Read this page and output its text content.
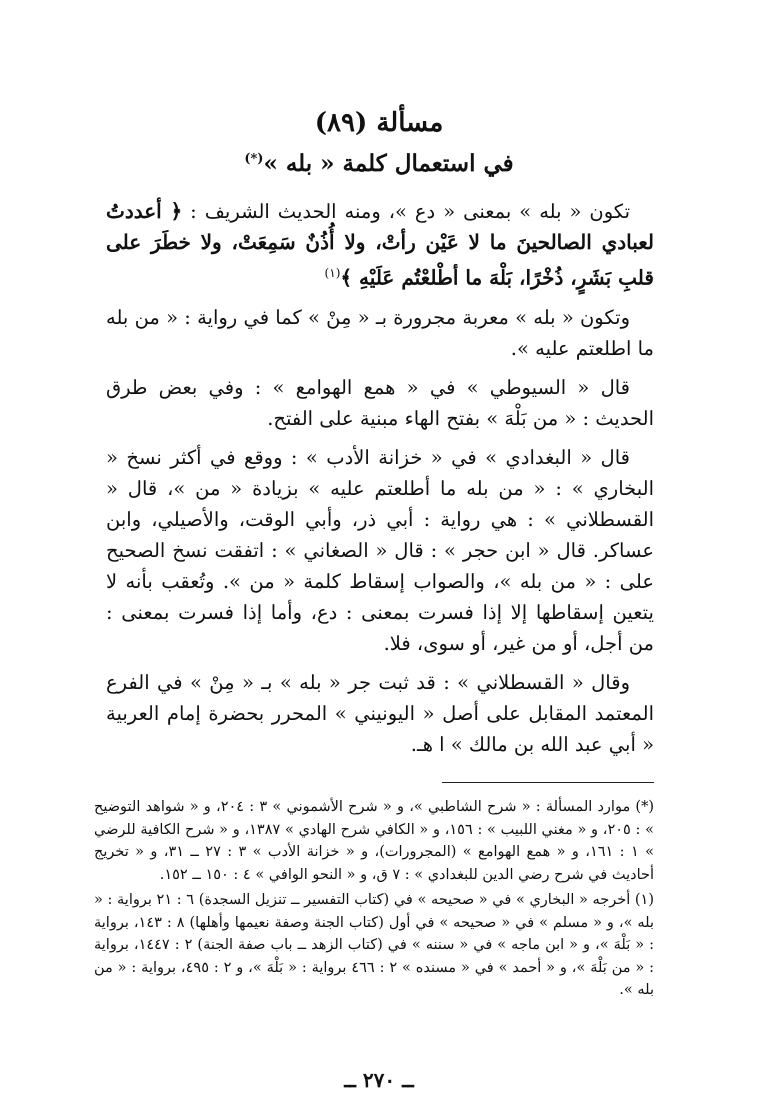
مسألة (٨٩)
في استعمال كلمة « بله »(*)

تكون « بله » بمعنى « دع »، ومنه الحديث الشريف : ﴿ أعددتُ لعبادي الصالحينَ ما لا عَيْن رأتْ، ولا أُذُنٌ سَمِعَتْ، ولا خطَرَ على قلبِ بَشَرٍ، ذُخْرًا، بَلْهَ ما أطْلعْتُم عَلَيْهِ ﴾$^{(١)}$

وتكون « بله » معربة مجرورة بـ « مِنْ » كما في رواية : « من بله ما اطلعتم عليه ».

قال « السيوطي » في « همع الهوامع » : وفي بعض طرق الحديث : « من بَلْهَ » بفتح الهاء مبنية على الفتح.

قال « البغدادي » في « خزانة الأدب » : ووقع في أكثر نسخ « البخاري » : « من بله ما أطلعتم عليه » بزيادة « من »، قال « القسطلاني » : هي رواية : أبي ذر، وأبي الوقت، والأصيلي، وابن عساكر. قال « ابن حجر » : قال « الصغاني » : اتفقت نسخ الصحيح على : « من بله »، والصواب إسقاط كلمة « من ». وتُعقب بأنه لا يتعين إسقاطها إلا إذا فسرت بمعنى : دع، وأما إذا فسرت بمعنى : من أجل، أو من غير، أو سوى، فلا.

وقال « القسطلاني » : قد ثبت جر « بله » بـ « مِنْ » في الفرع المعتمد المقابل على أصل « اليونيني » المحرر بحضرة إمام العربية « أبي عبد الله بن مالك » ا هـ.

(*) موارد المسألة : « شرح الشاطبي »، و « شرح الأشموني » ٣ : ٢٠٤، و « شواهد التوضيح » : ٢٠٥، و « مغني اللبيب » : ١٥٦، و « الكافي شرح الهادي » ١٣٨٧، و « شرح الكافية للرضي » ١ : ١٦١، و « همع الهوامع » (المجرورات)، و « خزانة الأدب » ٣ : ٢٧ ــ ٣١، و « تخريج أحاديث في شرح رضي الدين للبغدادي » : ٧ ق، و « النحو الوافي » ٤ : ١٥٠ ــ ١٥٢.

(١) أخرجه « البخاري » في « صحيحه » في (كتاب التفسير ــ تنزيل السجدة) ٦ : ٢١ برواية : « بله »، و « مسلم » في « صحيحه » في أول (كتاب الجنة وصفة نعيمها وأهلها) ٨ : ١٤٣، برواية : « بَلْهَ »، و « ابن ماجه » في « سننه » في (كتاب الزهد ــ باب صفة الجنة) ٢ : ١٤٤٧، برواية : « من بَلْهَ »، و « أحمد » في « مسنده » ٢ : ٤٦٦ برواية : « بَلْهَ »، و ٢ : ٤٩٥، برواية : « من بله ».

ــ ٢٧٠ ــ
